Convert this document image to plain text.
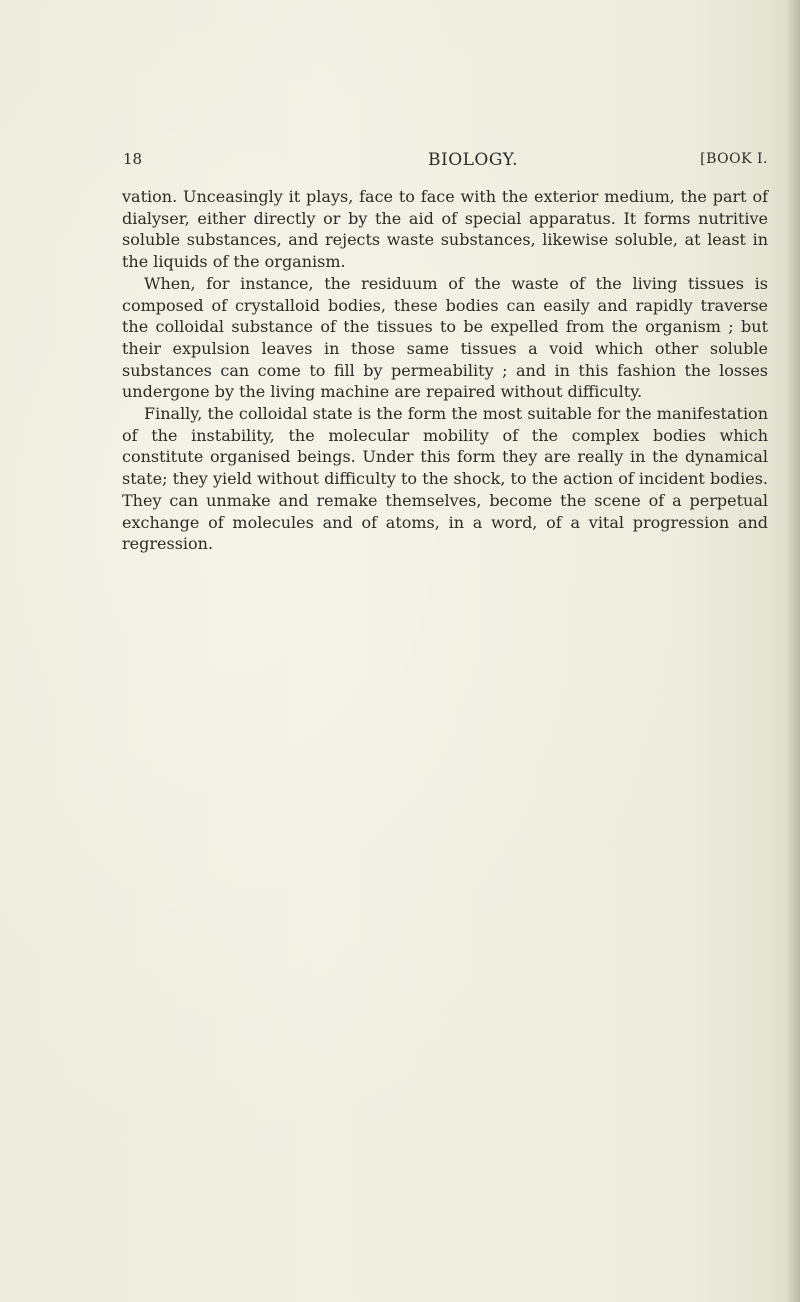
18	BIOLOGY.	[BOOK I.

vation. Unceasingly it plays, face to face with the exterior medium, the part of dialyser, either directly or by the aid of special apparatus. It forms nutritive soluble substances, and rejects waste substances, likewise soluble, at least in the liquids of the organism.

When, for instance, the residuum of the waste of the living tissues is composed of crystalloid bodies, these bodies can easily and rapidly traverse the colloidal substance of the tissues to be expelled from the organism ; but their expulsion leaves in those same tissues a void which other soluble substances can come to fill by permeability ; and in this fashion the losses undergone by the living machine are repaired without difficulty.

Finally, the colloidal state is the form the most suitable for the manifestation of the instability, the molecular mobility of the complex bodies which constitute organised beings. Under this form they are really in the dynamical state; they yield without difficulty to the shock, to the action of incident bodies. They can unmake and remake themselves, become the scene of a perpetual exchange of molecules and of atoms, in a word, of a vital progression and regression.
